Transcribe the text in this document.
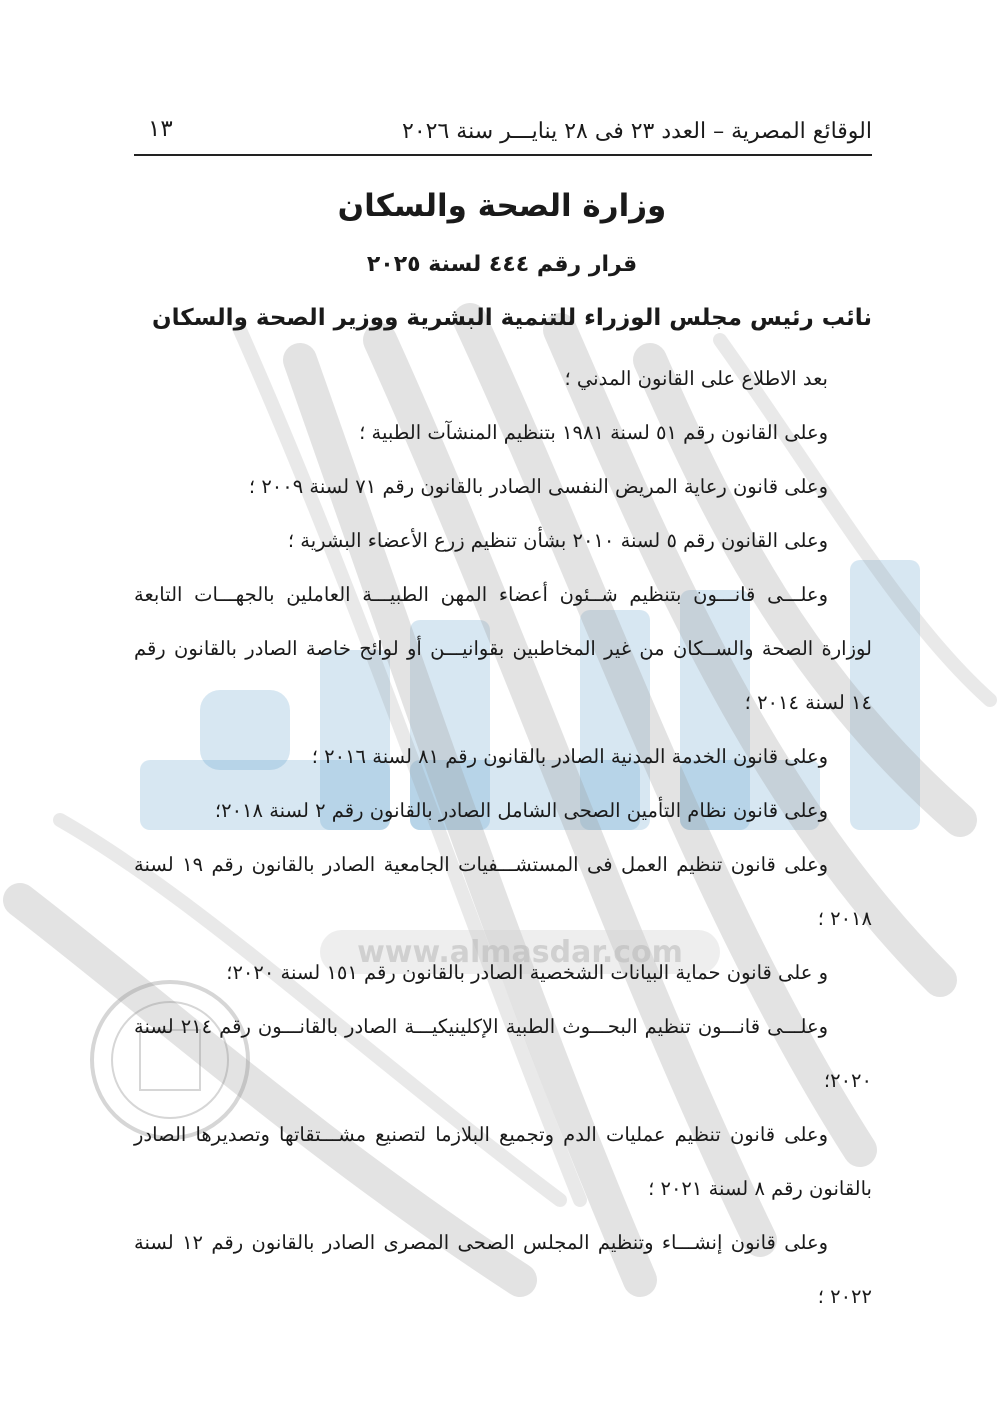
www.almasdar.com
الوقائع المصرية – العدد ٢٣ فى ٢٨ ينايـــر سنة ٢٠٢٦
١٣
وزارة الصحة والسكان
قرار رقم ٤٤٤ لسنة ٢٠٢٥
نائب رئيس مجلس الوزراء للتنمية البشرية ووزير الصحة والسكان

بعد الاطلاع على القانون المدني ؛

وعلى القانون رقم ٥١ لسنة ١٩٨١ بتنظيم المنشآت الطبية ؛

وعلى قانون رعاية المريض النفسى الصادر بالقانون رقم ٧١ لسنة ٢٠٠٩ ؛

وعلى القانون رقم ٥ لسنة ٢٠١٠ بشأن تنظيم زرع الأعضاء البشرية ؛

وعلـــى قانـــون بتنظيم شــئون أعضاء المهن الطبيـــة العاملين بالجهـــات التابعة لوزارة الصحة والســكان من غير المخاطبين بقوانيـــن أو لوائح خاصة الصادر بالقانون رقم ١٤ لسنة ٢٠١٤ ؛

وعلى قانون الخدمة المدنية الصادر بالقانون رقم ٨١ لسنة ٢٠١٦ ؛

وعلى قانون نظام التأمين الصحى الشامل الصادر بالقانون رقم ٢ لسنة ٢٠١٨؛

وعلى قانون تنظيم العمل فى المستشـــفيات الجامعية الصادر بالقانون رقم ١٩ لسنة ٢٠١٨ ؛

و على قانون حماية البيانات الشخصية الصادر بالقانون رقم ١٥١ لسنة ٢٠٢٠؛

وعلـــى قانـــون تنظيم البحـــوث الطبية الإكلينيكيـــة الصادر بالقانـــون رقم ٢١٤ لسنة ٢٠٢٠؛

وعلى قانون تنظيم عمليات الدم وتجميع البلازما لتصنيع مشـــتقاتها وتصديرها الصادر بالقانون رقم ٨ لسنة ٢٠٢١ ؛

وعلى قانون إنشـــاء وتنظيم المجلس الصحى المصرى الصادر بالقانون رقم ١٢ لسنة ٢٠٢٢ ؛
